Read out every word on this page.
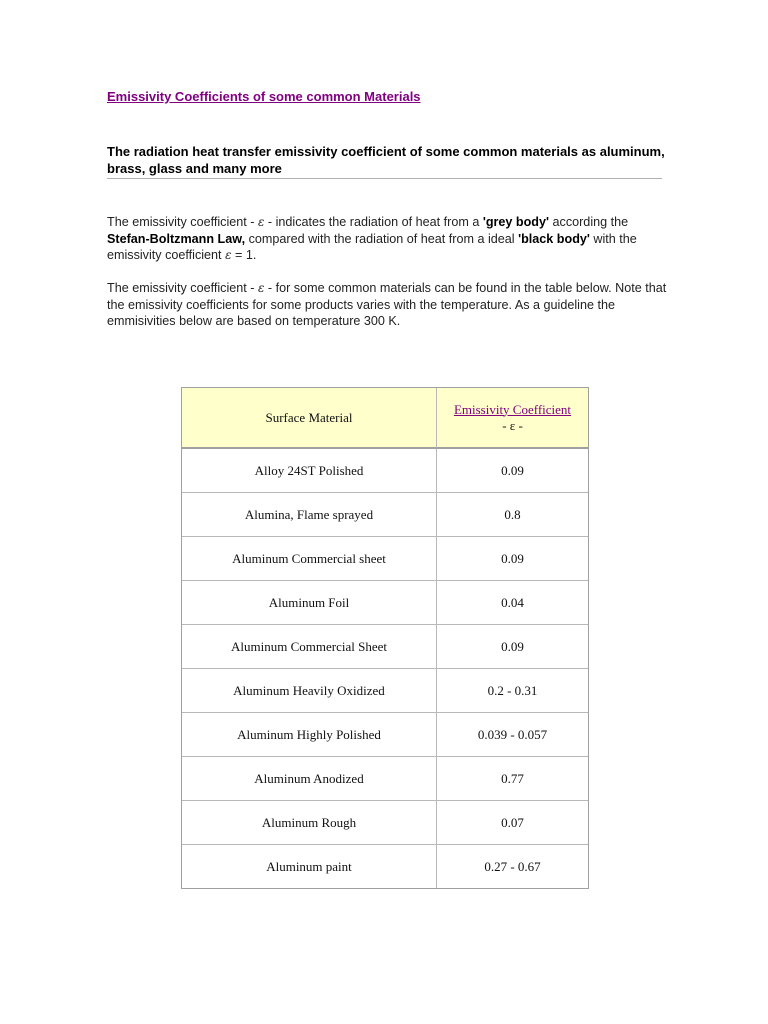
Emissivity Coefficients of some common Materials
The radiation heat transfer emissivity coefficient of some common materials as aluminum, brass, glass and many more
The emissivity coefficient - ε - indicates the radiation of heat from a 'grey body' according the Stefan-Boltzmann Law, compared with the radiation of heat from a ideal 'black body' with the emissivity coefficient ε = 1.
The emissivity coefficient - ε - for some common materials can be found in the table below. Note that the emissivity coefficients for some products varies with the temperature. As a guideline the emmisivities below are based on temperature 300 K.
Surface Material	Emissivity Coefficient
- ε -
Alloy 24ST Polished	0.09
Alumina, Flame sprayed	0.8
Aluminum Commercial sheet	0.09
Aluminum Foil	0.04
Aluminum Commercial Sheet	0.09
Aluminum Heavily Oxidized	0.2 - 0.31
Aluminum Highly Polished	0.039 - 0.057
Aluminum Anodized	0.77
Aluminum Rough	0.07
Aluminum paint	0.27 - 0.67
